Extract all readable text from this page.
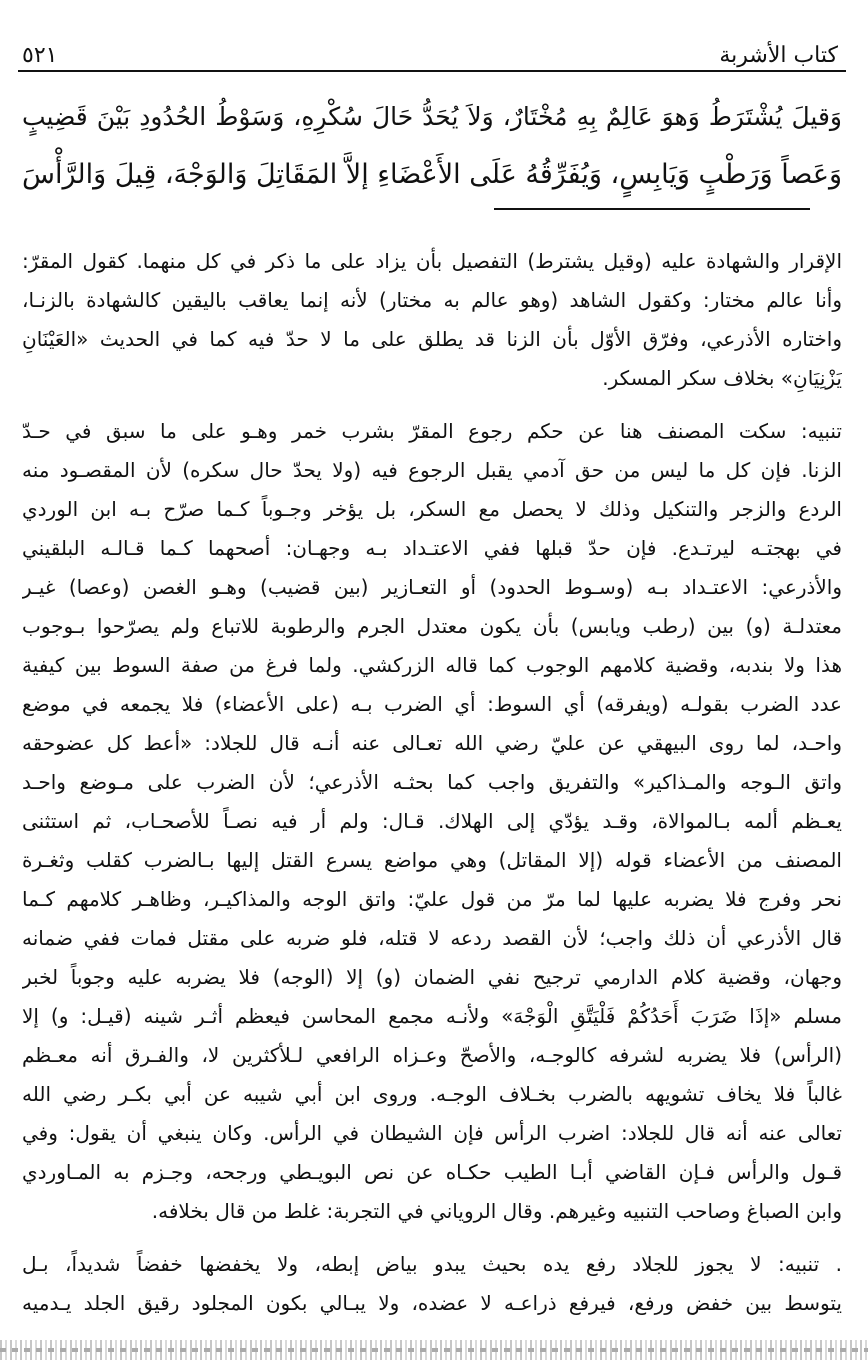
كتاب الأشربة
٥٢١
وَقيلَ يُشْتَرَطُ وَهوَ عَالِمٌ بِهِ مُخْتَارٌ، وَلاَ يُحَدُّ حَالَ سُكْرِهِ، وَسَوْطُ الحُدُودِ بَيْنَ قَضِيبٍ
وَعَصاً وَرَطْبٍ وَيَابِسٍ، وَيُفَرِّقُهُ عَلَى الأَعْضَاءِ إلاَّ المَقَاتِلَ وَالوَجْهَ، قِيلَ وَالرَّأْسَ
الإقرار والشهادة عليه (وقيل يشترط) التفصيل بأن يزاد على ما ذكر في كل منهما. كقول المقرّ:
وأنا عالم مختار: وكقول الشاهد (وهو عالم به مختار) لأنه إنما يعاقب باليقين كالشهادة بالزنـا،
واختاره الأذرعي، وفرّق الأوّل بأن الزنا قد يطلق على ما لا حدّ فيه كما في الحديث «العَيْنَانِ
يَزْنِيَانِ» بخلاف سكر المسكر.
تنبيه: سكت المصنف هنا عن حكم رجوع المقرّ بشرب خمر وهـو على ما سبق في حـدّ
الزنا. فإن كل ما ليس من حق آدمي يقبل الرجوع فيه (ولا يحدّ حال سكره) لأن المقصـود منه
الردع والزجر والتنكيل وذلك لا يحصل مع السكر، بل يؤخر وجـوباً كـما صرّح بـه ابن الوردي
في بهجتـه ليرتـدع. فإن حدّ قبلها ففي الاعتـداد بـه وجهـان: أصحهما كـما قـالـه البلقيني
والأذرعي: الاعتـداد بـه (وسـوط الحدود) أو التعـازير (بين قضيب) وهـو الغصن (وعصا) غيـر
معتدلـة (و) بين (رطب ويابس) بأن يكون معتدل الجرم والرطوبة للاتباع ولم يصرّحوا بـوجوب
هذا ولا بندبه، وقضية كلامهم الوجوب كما قاله الزركشي. ولما فرغ من صفة السوط بين كيفية
عدد الضرب بقولـه (ويفرقه) أي السوط: أي الضرب بـه (على الأعضاء) فلا يجمعه في موضع
واحـد، لما روى البيهقي عن عليّ رضي الله تعـالى عنه أنـه قال للجلاد: «أعط كل عضوحقه
واتق الـوجه والمـذاكير» والتفريق واجب كما بحثـه الأذرعي؛ لأن الضرب على مـوضع واحـد
يعـظم ألمه بـالموالاة، وقـد يؤدّي إلى الهلاك. قـال: ولم أر فيه نصـاً للأصحـاب، ثم استثنى
المصنف من الأعضاء قوله (إلا المقاتل) وهي مواضع يسرع القتل إليها بـالضرب كقلب وثغـرة
نحر وفرج فلا يضربه عليها لما مرّ من قول عليّ: واتق الوجه والمذاكيـر، وظاهـر كلامهم كـما
قال الأذرعي أن ذلك واجب؛ لأن القصد ردعه لا قتله، فلو ضربه على مقتل فمات ففي ضمانه
وجهان، وقضية كلام الدارمي ترجيح نفي الضمان (و) إلا (الوجه) فلا يضربه عليه وجوباً لخبر
مسلم «إذَا ضَرَبَ أَحَدُكُمْ فَلْيَتَّقِ الْوَجْهَ» ولأنـه مجمع المحاسن فيعظم أثـر شينه (قيـل: و) إلا
(الرأس) فلا يضربه لشرفه كالوجـه، والأصحّ وعـزاه الرافعي لـلأكثرين لا، والفـرق أنه معـظم
غالباً فلا يخاف تشويهه بالضرب بخـلاف الوجـه. وروى ابن أبي شيبه عن أبي بكـر رضي الله
تعالى عنه أنه قال للجلاد: اضرب الرأس فإن الشيطان في الرأس. وكان ينبغي أن يقول: وفي
قـول والرأس فـإن القاضي أبـا الطيب حكـاه عن نص البويـطي ورجحه، وجـزم به المـاوردي
وابن الصباغ وصاحب التنبيه وغيرهم. وقال الروياني في التجربة: غلط من قال بخلافه.
. تنبيه: لا يجوز للجلاد رفع يده بحيث يبدو بياض إبطه، ولا يخفضها خفضاً شديداً، بـل
يتوسط بين خفض ورفع، فيرفع ذراعـه لا عضده، ولا يبـالي بكون المجلود رقيق الجلد يـدميه
